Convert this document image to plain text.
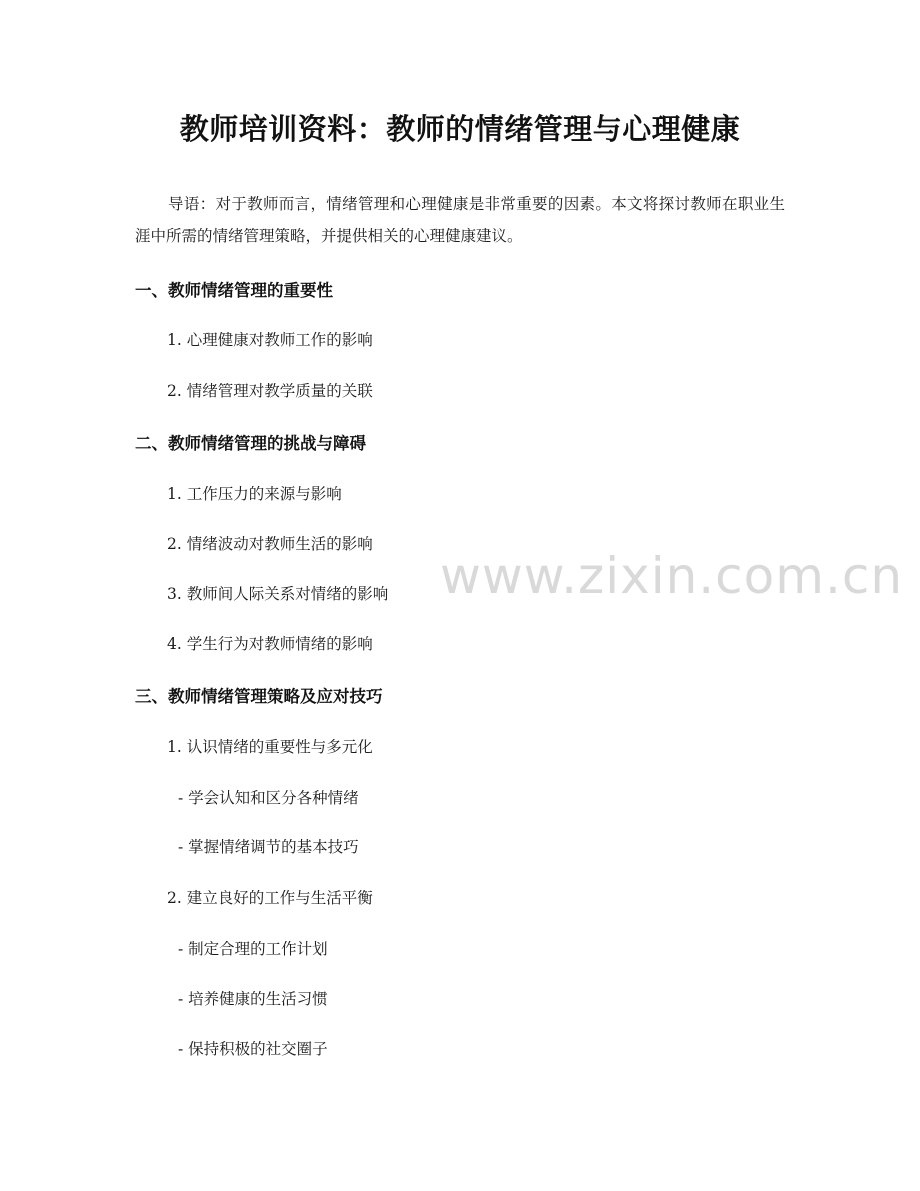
教师培训资料：教师的情绪管理与心理健康

导语：对于教师而言，情绪管理和心理健康是非常重要的因素。本文将探讨教师在职业生涯中所需的情绪管理策略，并提供相关的心理健康建议。

一、教师情绪管理的重要性
1. 心理健康对教师工作的影响
2. 情绪管理对教学质量的关联
二、教师情绪管理的挑战与障碍
1. 工作压力的来源与影响
2. 情绪波动对教师生活的影响
3. 教师间人际关系对情绪的影响
4. 学生行为对教师情绪的影响
三、教师情绪管理策略及应对技巧
1. 认识情绪的重要性与多元化
- 学会认知和区分各种情绪
- 掌握情绪调节的基本技巧
2. 建立良好的工作与生活平衡
- 制定合理的工作计划
- 培养健康的生活习惯
- 保持积极的社交圈子
www.zixin.com.cn
